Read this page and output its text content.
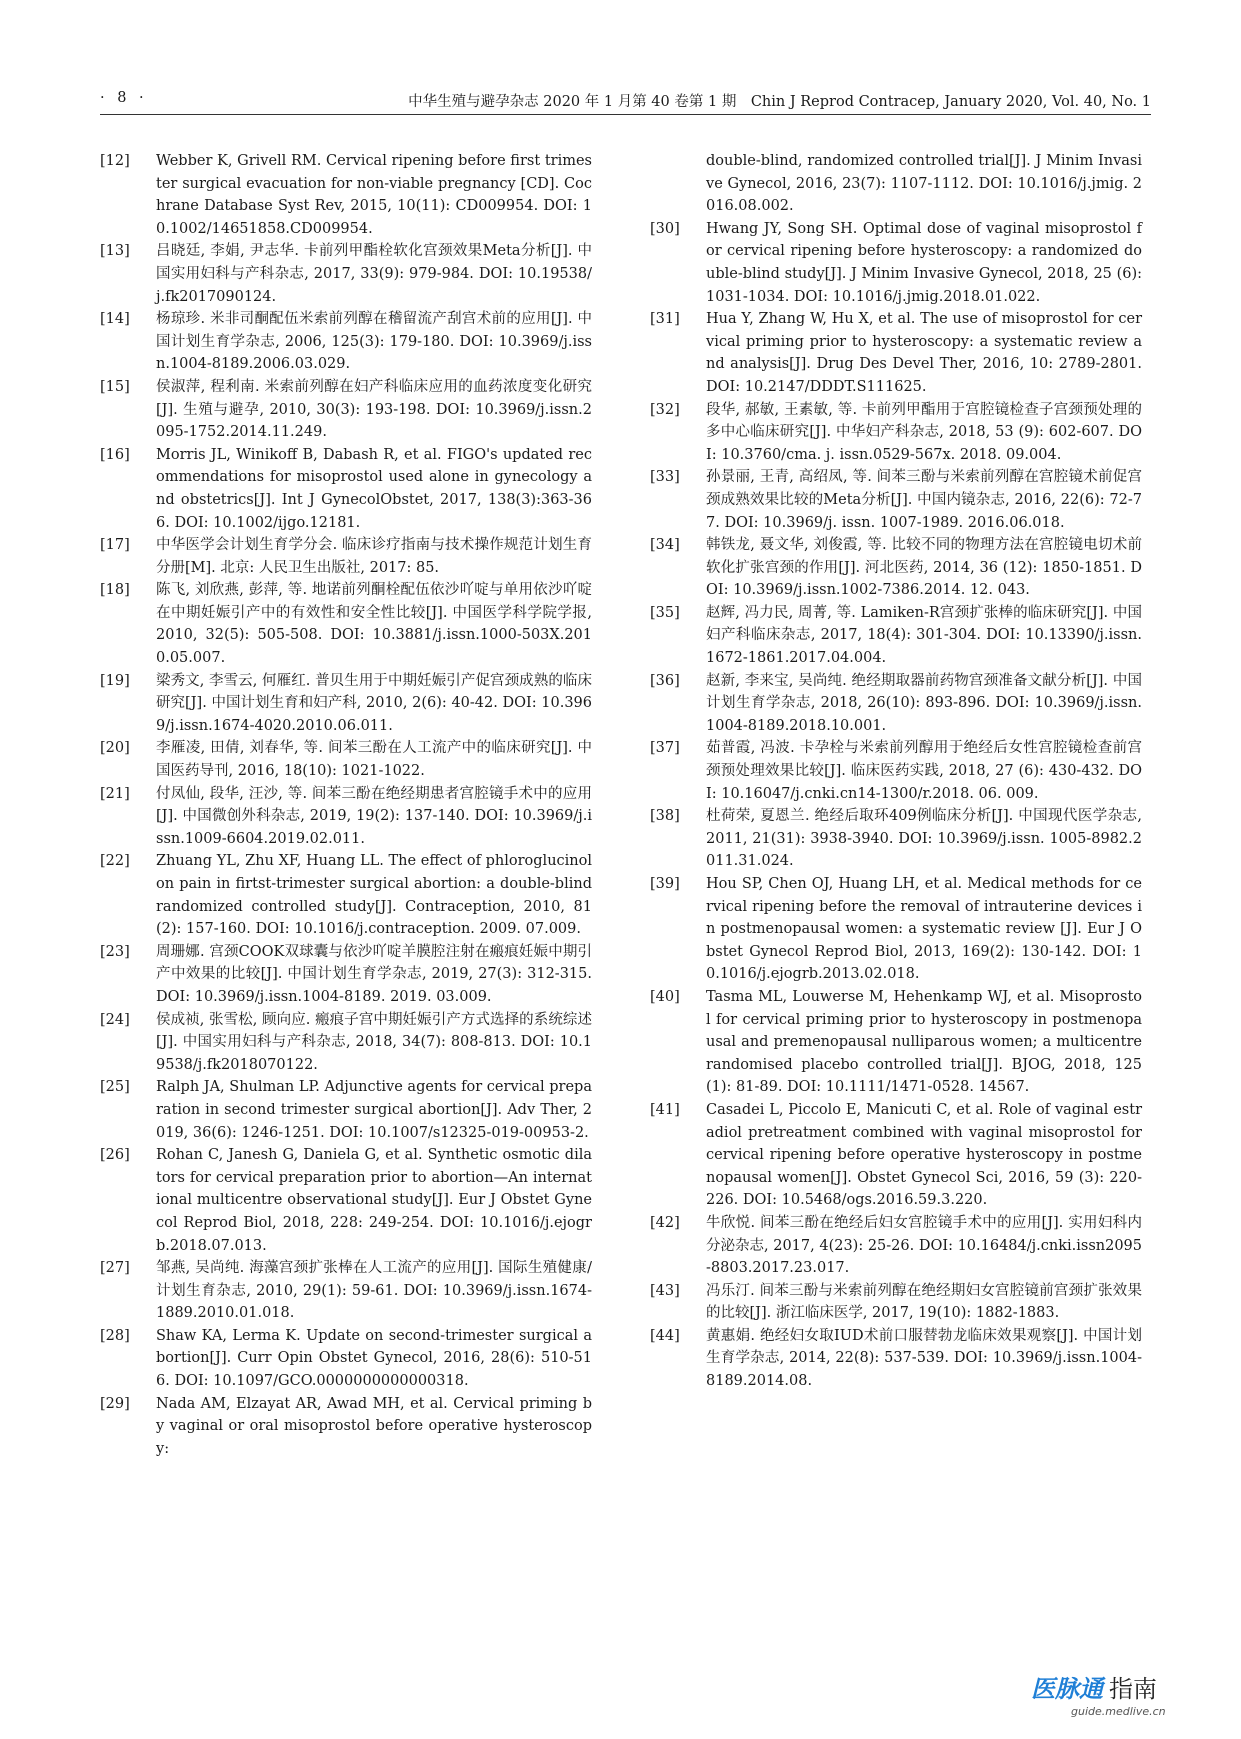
· 8 ·	中华生殖与避孕杂志 2020 年 1 月第 40 卷第 1 期　Chin J Reprod Contracep, January 2020, Vol. 40, No. 1
[12]	Webber K, Grivell RM. Cervical ripening before first trimester surgical evacuation for non-viable pregnancy [CD]. Cochrane Database Syst Rev, 2015, 10(11): CD009954. DOI: 10.1002/14651858.CD009954.
[13]	吕晓廷, 李娟, 尹志华. 卡前列甲酯栓软化宫颈效果Meta分析[J]. 中国实用妇科与产科杂志, 2017, 33(9): 979-984. DOI: 10.19538/j.fk2017090124.
[14]	杨琼珍. 米非司酮配伍米索前列醇在稽留流产刮宫术前的应用[J]. 中国计划生育学杂志, 2006, 125(3): 179-180. DOI: 10.3969/j.issn.1004-8189.2006.03.029.
[15]	侯淑萍, 程利南. 米索前列醇在妇产科临床应用的血药浓度变化研究[J]. 生殖与避孕, 2010, 30(3): 193-198. DOI: 10.3969/j.issn.2095-1752.2014.11.249.
[16]	Morris JL, Winikoff B, Dabash R, et al. FIGO's updated recommendations for misoprostol used alone in gynecology and obstetrics[J]. Int J GynecolObstet, 2017, 138(3):363-366. DOI: 10.1002/ijgo.12181.
[17]	中华医学会计划生育学分会. 临床诊疗指南与技术操作规范计划生育分册[M]. 北京: 人民卫生出版社, 2017: 85.
[18]	陈飞, 刘欣燕, 彭萍, 等. 地诺前列酮栓配伍依沙吖啶与单用依沙吖啶在中期妊娠引产中的有效性和安全性比较[J]. 中国医学科学院学报, 2010, 32(5): 505-508. DOI: 10.3881/j.issn.1000-503X.2010.05.007.
[19]	梁秀文, 李雪云, 何雁红. 普贝生用于中期妊娠引产促宫颈成熟的临床研究[J]. 中国计划生育和妇产科, 2010, 2(6): 40-42. DOI: 10.3969/j.issn.1674-4020.2010.06.011.
[20]	李雁凌, 田倩, 刘春华, 等. 间苯三酚在人工流产中的临床研究[J]. 中国医药导刊, 2016, 18(10): 1021-1022.
[21]	付凤仙, 段华, 汪沙, 等. 间苯三酚在绝经期患者宫腔镜手术中的应用[J]. 中国微创外科杂志, 2019, 19(2): 137-140. DOI: 10.3969/j.issn.1009-6604.2019.02.011.
[22]	Zhuang YL, Zhu XF, Huang LL. The effect of phloroglucinol on pain in firtst-trimester surgical abortion: a double-blind randomized controlled study[J]. Contraception, 2010, 81(2): 157-160. DOI: 10.1016/j.contraception. 2009. 07.009.
[23]	周珊娜. 宫颈COOK双球囊与依沙吖啶羊膜腔注射在瘢痕妊娠中期引产中效果的比较[J]. 中国计划生育学杂志, 2019, 27(3): 312-315. DOI: 10.3969/j.issn.1004-8189. 2019. 03.009.
[24]	侯成祯, 张雪松, 顾向应. 瘢痕子宫中期妊娠引产方式选择的系统综述[J]. 中国实用妇科与产科杂志, 2018, 34(7): 808-813. DOI: 10.19538/j.fk2018070122.
[25]	Ralph JA, Shulman LP. Adjunctive agents for cervical preparation in second trimester surgical abortion[J]. Adv Ther, 2019, 36(6): 1246-1251. DOI: 10.1007/s12325-019-00953-2.
[26]	Rohan C, Janesh G, Daniela G, et al. Synthetic osmotic dilators for cervical preparation prior to abortion—An international multicentre observational study[J]. Eur J Obstet Gynecol Reprod Biol, 2018, 228: 249-254. DOI: 10.1016/j.ejogrb.2018.07.013.
[27]	邹燕, 吴尚纯. 海藻宫颈扩张棒在人工流产的应用[J]. 国际生殖健康/计划生育杂志, 2010, 29(1): 59-61. DOI: 10.3969/j.issn.1674-1889.2010.01.018.
[28]	Shaw KA, Lerma K. Update on second-trimester surgical abortion[J]. Curr Opin Obstet Gynecol, 2016, 28(6): 510-516. DOI: 10.1097/GCO.0000000000000318.
[29]	Nada AM, Elzayat AR, Awad MH, et al. Cervical priming by vaginal or oral misoprostol before operative hysteroscopy:
double-blind, randomized controlled trial[J]. J Minim Invasive Gynecol, 2016, 23(7): 1107-1112. DOI: 10.1016/j.jmig. 2016.08.002.
[30]	Hwang JY, Song SH. Optimal dose of vaginal misoprostol for cervical ripening before hysteroscopy: a randomized double-blind study[J]. J Minim Invasive Gynecol, 2018, 25 (6): 1031-1034. DOI: 10.1016/j.jmig.2018.01.022.
[31]	Hua Y, Zhang W, Hu X, et al. The use of misoprostol for cervical priming prior to hysteroscopy: a systematic review and analysis[J]. Drug Des Devel Ther, 2016, 10: 2789-2801. DOI: 10.2147/DDDT.S111625.
[32]	段华, 郝敏, 王素敏, 等. 卡前列甲酯用于宫腔镜检查子宫颈预处理的多中心临床研究[J]. 中华妇产科杂志, 2018, 53 (9): 602-607. DOI: 10.3760/cma. j. issn.0529-567x. 2018. 09.004.
[33]	孙景丽, 王青, 高绍凤, 等. 间苯三酚与米索前列醇在宫腔镜术前促宫颈成熟效果比较的Meta分析[J]. 中国内镜杂志, 2016, 22(6): 72-77. DOI: 10.3969/j. issn. 1007-1989. 2016.06.018.
[34]	韩铁龙, 聂文华, 刘俊霞, 等. 比较不同的物理方法在宫腔镜电切术前软化扩张宫颈的作用[J]. 河北医药, 2014, 36 (12): 1850-1851. DOI: 10.3969/j.issn.1002-7386.2014. 12. 043.
[35]	赵辉, 冯力民, 周菁, 等. Lamiken-R宫颈扩张棒的临床研究[J]. 中国妇产科临床杂志, 2017, 18(4): 301-304. DOI: 10.13390/j.issn.1672-1861.2017.04.004.
[36]	赵新, 李来宝, 吴尚纯. 绝经期取器前药物宫颈准备文献分析[J]. 中国计划生育学杂志, 2018, 26(10): 893-896. DOI: 10.3969/j.issn.1004-8189.2018.10.001.
[37]	茹普霞, 冯波. 卡孕栓与米索前列醇用于绝经后女性宫腔镜检查前宫颈预处理效果比较[J]. 临床医药实践, 2018, 27 (6): 430-432. DOI: 10.16047/j.cnki.cn14-1300/r.2018. 06. 009.
[38]	杜荷荣, 夏恩兰. 绝经后取环409例临床分析[J]. 中国现代医学杂志, 2011, 21(31): 3938-3940. DOI: 10.3969/j.issn. 1005-8982.2011.31.024.
[39]	Hou SP, Chen OJ, Huang LH, et al. Medical methods for cervical ripening before the removal of intrauterine devices in postmenopausal women: a systematic review [J]. Eur J Obstet Gynecol Reprod Biol, 2013, 169(2): 130-142. DOI: 10.1016/j.ejogrb.2013.02.018.
[40]	Tasma ML, Louwerse M, Hehenkamp WJ, et al. Misoprostol for cervical priming prior to hysteroscopy in postmenopausal and premenopausal nulliparous women; a multicentrerandomised placebo controlled trial[J]. BJOG, 2018, 125(1): 81-89. DOI: 10.1111/1471-0528. 14567.
[41]	Casadei L, Piccolo E, Manicuti C, et al. Role of vaginal estradiol pretreatment combined with vaginal misoprostol for cervical ripening before operative hysteroscopy in postmenopausal women[J]. Obstet Gynecol Sci, 2016, 59 (3): 220-226. DOI: 10.5468/ogs.2016.59.3.220.
[42]	牛欣悦. 间苯三酚在绝经后妇女宫腔镜手术中的应用[J]. 实用妇科内分泌杂志, 2017, 4(23): 25-26. DOI: 10.16484/j.cnki.issn2095-8803.2017.23.017.
[43]	冯乐汀. 间苯三酚与米索前列醇在绝经期妇女宫腔镜前宫颈扩张效果的比较[J]. 浙江临床医学, 2017, 19(10): 1882-1883.
[44]	黄惠娟. 绝经妇女取IUD术前口服替勃龙临床效果观察[J]. 中国计划生育学杂志, 2014, 22(8): 537-539. DOI: 10.3969/j.issn.1004-8189.2014.08.
医脉通 指南
guide.medlive.cn
